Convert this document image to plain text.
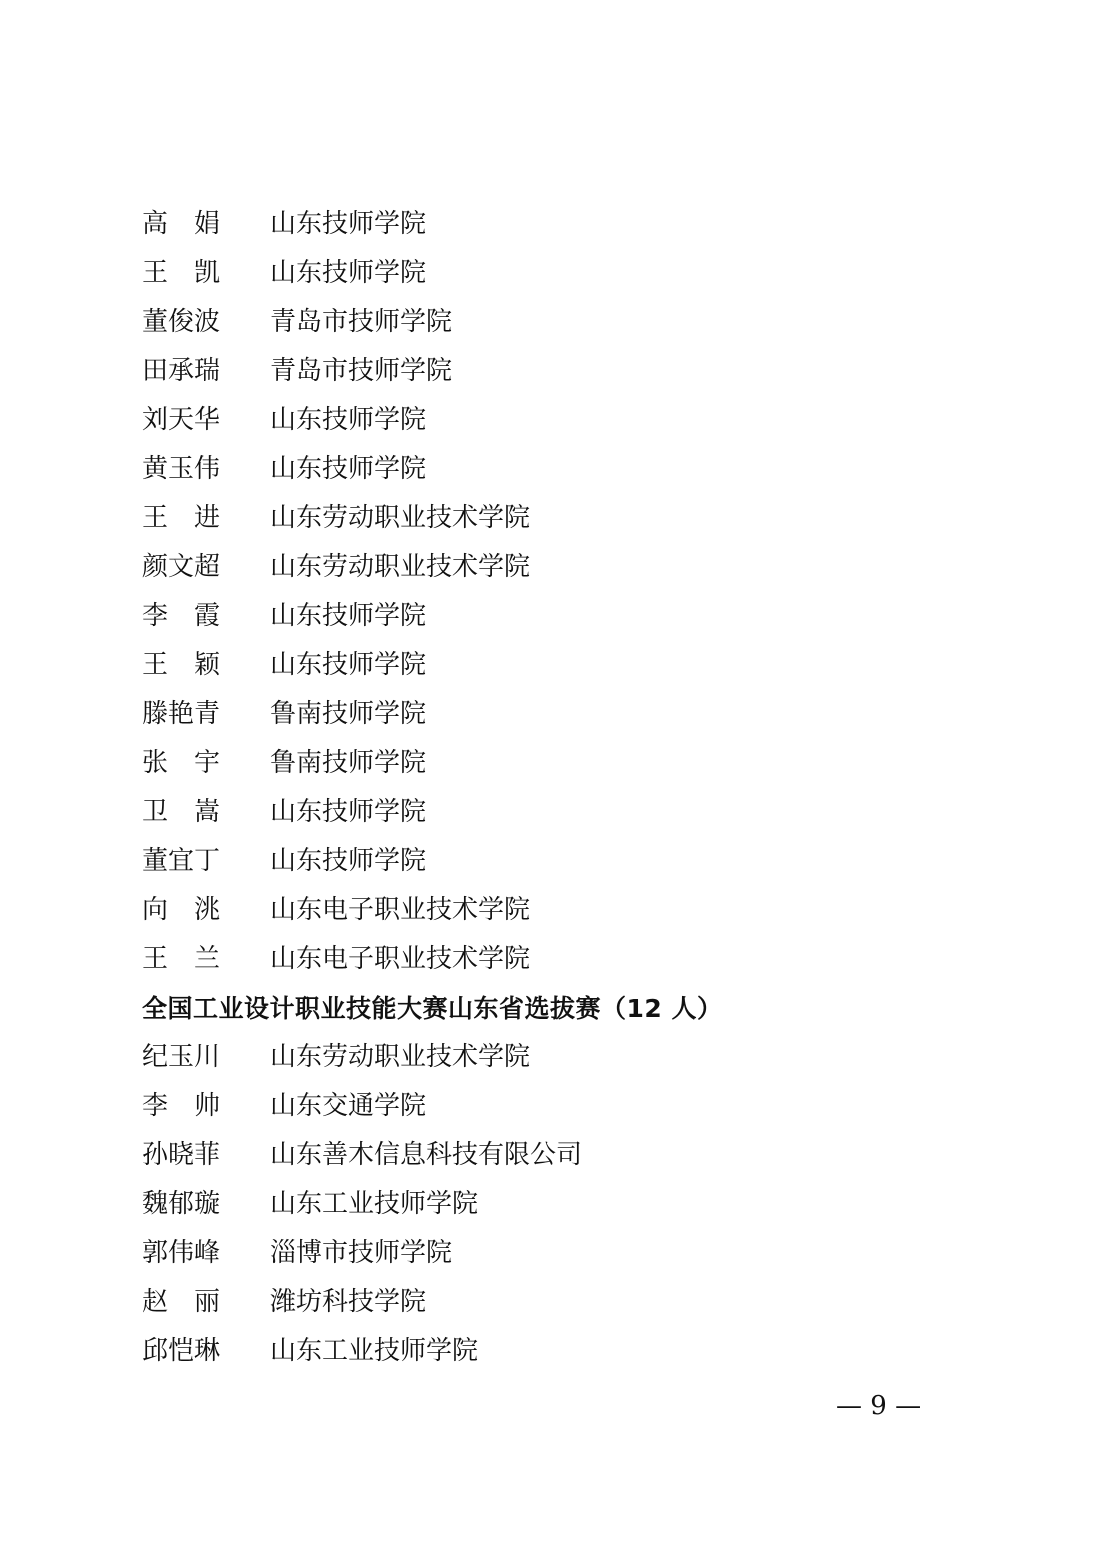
高　娟	山东技师学院
王　凯	山东技师学院
董俊波	青岛市技师学院
田承瑞	青岛市技师学院
刘天华	山东技师学院
黄玉伟	山东技师学院
王　进	山东劳动职业技术学院
颜文超	山东劳动职业技术学院
李　霞	山东技师学院
王　颖	山东技师学院
滕艳青	鲁南技师学院
张　宇	鲁南技师学院
卫　嵩	山东技师学院
董宜丁	山东技师学院
向　洮	山东电子职业技术学院
王　兰	山东电子职业技术学院
全国工业设计职业技能大赛山东省选拔赛（12 人）
纪玉川	山东劳动职业技术学院
李　帅	山东交通学院
孙晓菲	山东善木信息科技有限公司
魏郁璇	山东工业技师学院
郭伟峰	淄博市技师学院
赵　丽	潍坊科技学院
邱恺琳	山东工业技师学院
— 9 —
